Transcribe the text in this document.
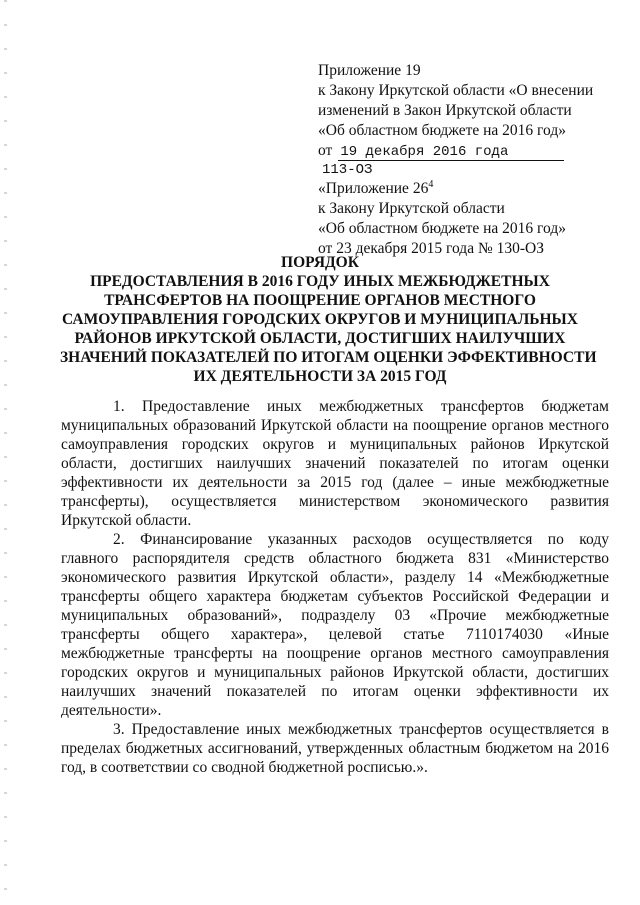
Приложение 19
к Закону Иркутской области «О внесении
изменений в Закон Иркутской области
«Об областном бюджете на 2016 год»
от 19 декабря 2016 года
113-ОЗ
«Приложение $26^4$
к Закону Иркутской области
«Об областном бюджете на 2016 год»
от 23 декабря 2015 года № 130-ОЗ
ПОРЯДОК
ПРЕДОСТАВЛЕНИЯ В 2016 ГОДУ ИНЫХ МЕЖБЮДЖЕТНЫХ
ТРАНСФЕРТОВ НА ПООЩРЕНИЕ ОРГАНОВ МЕСТНОГО
САМОУПРАВЛЕНИЯ ГОРОДСКИХ ОКРУГОВ И МУНИЦИПАЛЬНЫХ
РАЙОНОВ ИРКУТСКОЙ ОБЛАСТИ, ДОСТИГШИХ НАИЛУЧШИХ
ЗНАЧЕНИЙ ПОКАЗАТЕЛЕЙ ПО ИТОГАМ ОЦЕНКИ ЭФФЕКТИВНОСТИ
ИХ ДЕЯТЕЛЬНОСТИ ЗА 2015 ГОД

1. Предоставление иных межбюджетных трансфертов бюджетам
муниципальных образований Иркутской области на поощрение органов местного
самоуправления городских округов и муниципальных районов Иркутской
области, достигших наилучших значений показателей по итогам оценки
эффективности их деятельности за 2015 год (далее – иные межбюджетные
трансферты), осуществляется министерством экономического развития
Иркутской области.

2. Финансирование указанных расходов осуществляется по коду
главного распорядителя средств областного бюджета 831 «Министерство
экономического развития Иркутской области», разделу 14 «Межбюджетные
трансферты общего характера бюджетам субъектов Российской Федерации и
муниципальных образований», подразделу 03 «Прочие межбюджетные
трансферты общего характера», целевой статье 7110174030 «Иные
межбюджетные трансферты на поощрение органов местного самоуправления
городских округов и муниципальных районов Иркутской области, достигших
наилучших значений показателей по итогам оценки эффективности их
деятельности».

3. Предоставление иных межбюджетных трансфертов осуществляется в
пределах бюджетных ассигнований, утвержденных областным бюджетом на 2016
год, в соответствии со сводной бюджетной росписью.».
